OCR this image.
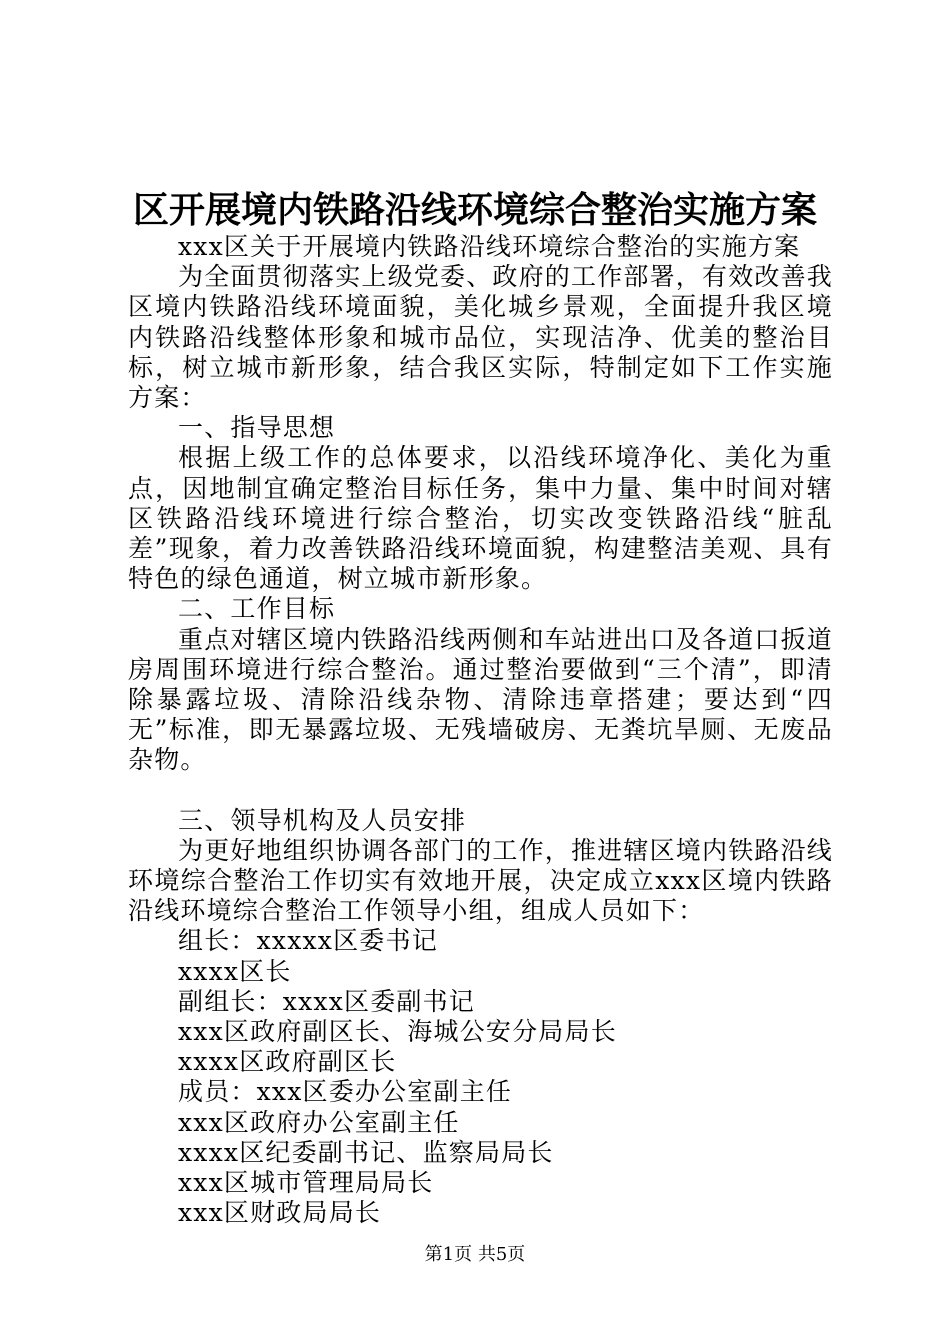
区开展境内铁路沿线环境综合整治实施方案

xxx区关于开展境内铁路沿线环境综合整治的实施方案

为全面贯彻落实上级党委、政府的工作部署，有效改善我区境内铁路沿线环境面貌，美化城乡景观，全面提升我区境内铁路沿线整体形象和城市品位，实现洁净、优美的整治目标，树立城市新形象，结合我区实际，特制定如下工作实施方案：

一、指导思想

根据上级工作的总体要求，以沿线环境净化、美化为重点，因地制宜确定整治目标任务，集中力量、集中时间对辖区铁路沿线环境进行综合整治，切实改变铁路沿线“脏乱差”现象，着力改善铁路沿线环境面貌，构建整洁美观、具有特色的绿色通道，树立城市新形象。

二、工作目标

重点对辖区境内铁路沿线两侧和车站进出口及各道口扳道房周围环境进行综合整治。通过整治要做到“三个清”，即清除暴露垃圾、清除沿线杂物、清除违章搭建；要达到“四无”标准，即无暴露垃圾、无残墙破房、无粪坑旱厕、无废品杂物。

三、领导机构及人员安排

为更好地组织协调各部门的工作，推进辖区境内铁路沿线环境综合整治工作切实有效地开展，决定成立xxx区境内铁路沿线环境综合整治工作领导小组，组成人员如下：

组长：xxxxx区委书记

xxxx区长

副组长：xxxx区委副书记

xxx区政府副区长、海城公安分局局长

xxxx区政府副区长

成员：xxx区委办公室副主任

xxx区政府办公室副主任

xxxx区纪委副书记、监察局局长

xxx区城市管理局局长

xxx区财政局局长

第1页 共5页
